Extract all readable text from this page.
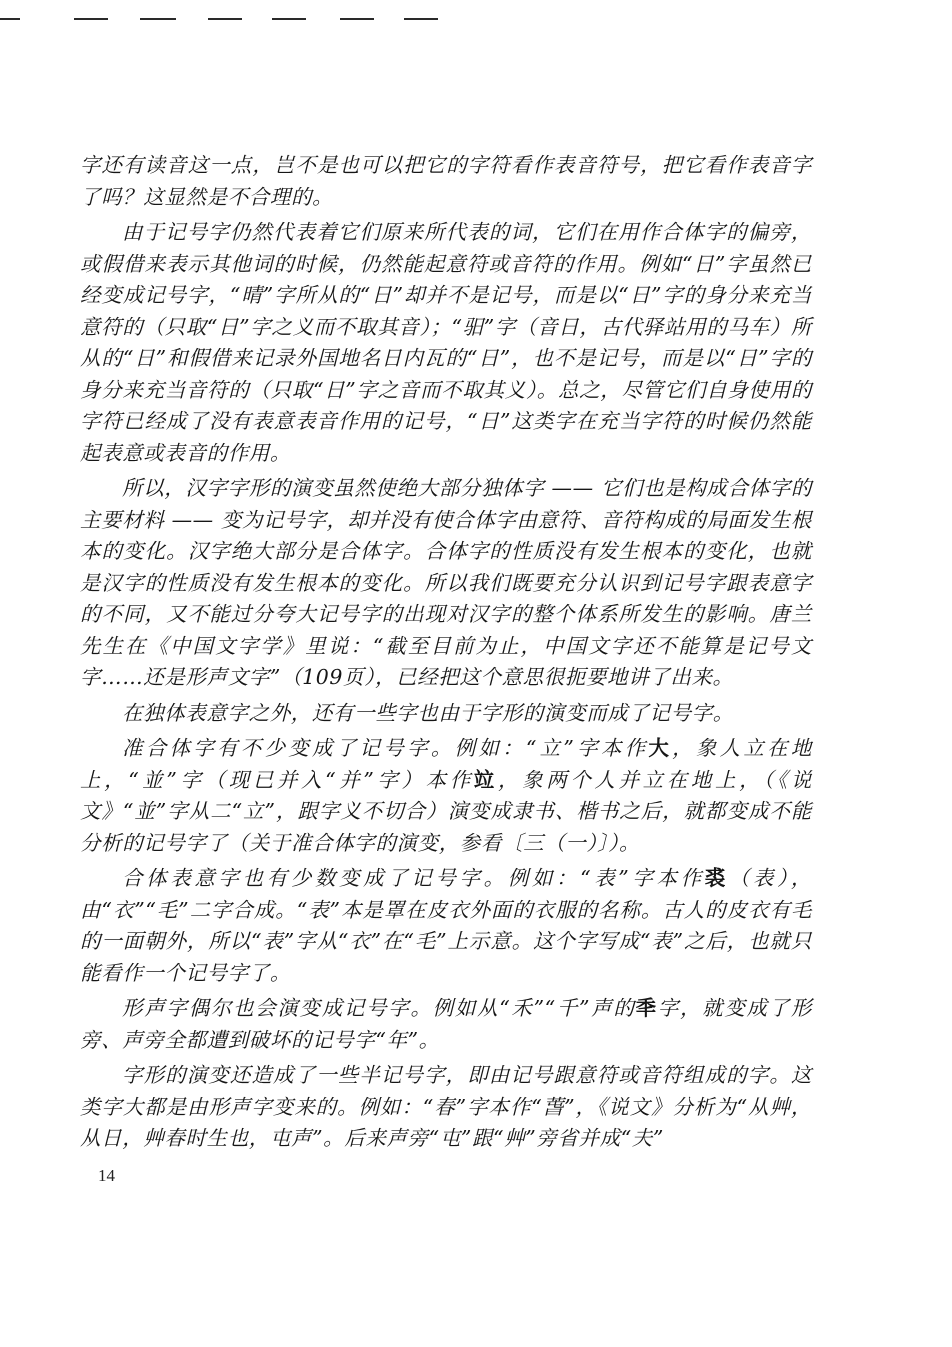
字还有读音这一点，岂不是也可以把它的字符看作表音符号，把它看作表音字了吗？这显然是不合理的。

由于记号字仍然代表着它们原来所代表的词，它们在用作合体字的偏旁，或假借来表示其他词的时候，仍然能起意符或音符的作用。例如“日”字虽然已经变成记号字，“晴”字所从的“日”却并不是记号，而是以“日”字的身分来充当意符的（只取“日”字之义而不取其音）；“驲”字（音日，古代驿站用的马车）所从的“日”和假借来记录外国地名日内瓦的“日”，也不是记号，而是以“日”字的身分来充当音符的（只取“日”字之音而不取其义）。总之，尽管它们自身使用的字符已经成了没有表意表音作用的记号，“日”这类字在充当字符的时候仍然能起表意或表音的作用。

所以，汉字字形的演变虽然使绝大部分独体字 —— 它们也是构成合体字的主要材料 —— 变为记号字，却并没有使合体字由意符、音符构成的局面发生根本的变化。汉字绝大部分是合体字。合体字的性质没有发生根本的变化，也就是汉字的性质没有发生根本的变化。所以我们既要充分认识到记号字跟表意字的不同，又不能过分夸大记号字的出现对汉字的整个体系所发生的影响。唐兰先生在《中国文字学》里说：“截至目前为止，中国文字还不能算是记号文字……还是形声文字”（109页），已经把这个意思很扼要地讲了出来。

在独体表意字之外，还有一些字也由于字形的演变而成了记号字。

准合体字有不少变成了记号字。例如：“立”字本作大，象人立在地上，“並”字（现已并入“并”字）本作竝，象两个人并立在地上，（《说文》“並”字从二“立”，跟字义不切合）演变成隶书、楷书之后，就都变成不能分析的记号字了（关于准合体字的演变，参看〔三（一）〕）。

合体表意字也有少数变成了记号字。例如：“表”字本作裘（表），由“衣”“毛”二字合成。“表”本是罩在皮衣外面的衣服的名称。古人的皮衣有毛的一面朝外，所以“表”字从“衣”在“毛”上示意。这个字写成“表”之后，也就只能看作一个记号字了。

形声字偶尔也会演变成记号字。例如从“禾”“千”声的秊字，就变成了形旁、声旁全都遭到破坏的记号字“年”。

字形的演变还造成了一些半记号字，即由记号跟意符或音符组成的字。这类字大都是由形声字变来的。例如：“春”字本作“萅”，《说文》分析为“从艸，从日，艸春时生也，屯声”。后来声旁“屯”跟“艸”旁省并成“夫”

14
